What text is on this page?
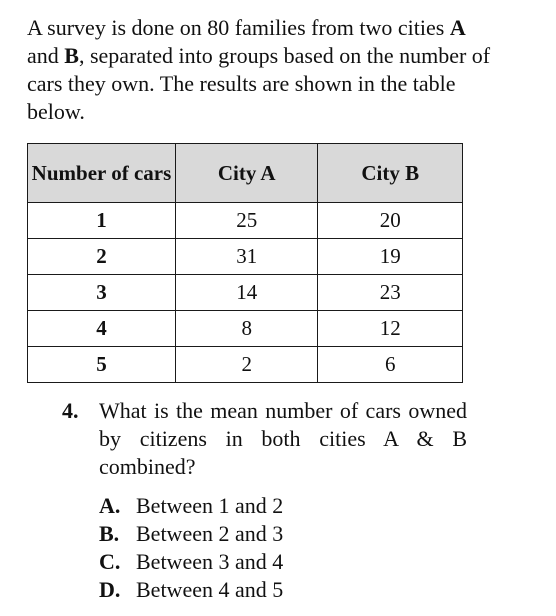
A survey is done on 80 families from two cities A and B, separated into groups based on the number of cars they own. The results are shown in the table below.

Number of cars	City A	City B
1	25	20
2	31	19
3	14	23
4	8	12
5	2	6
4. What is the mean number of cars owned by citizens in both cities A & B combined?
A. Between 1 and 2
B. Between 2 and 3
C. Between 3 and 4
D. Between 4 and 5
